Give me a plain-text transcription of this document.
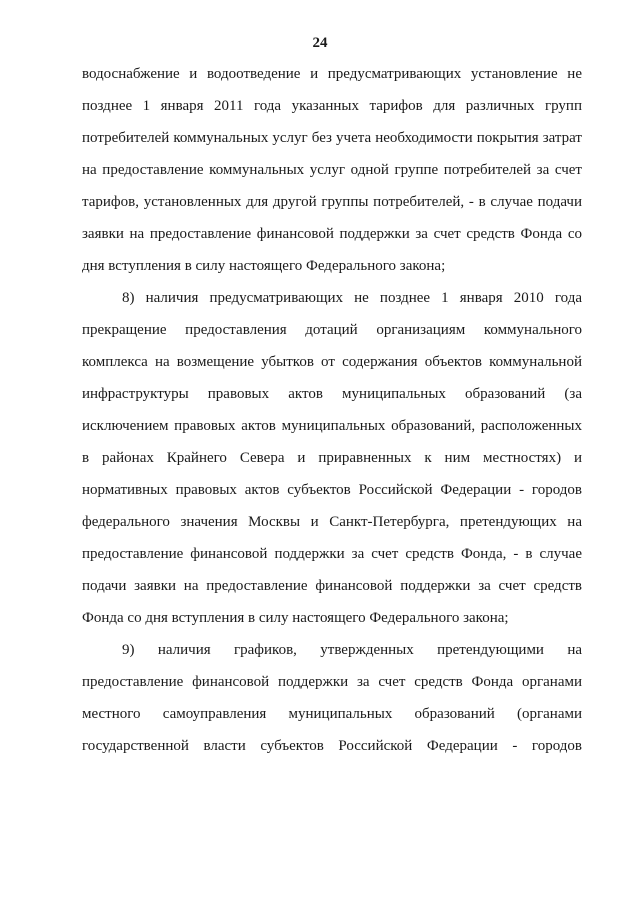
24

водоснабжение и водоотведение и предусматривающих установление не
позднее 1 января 2011 года указанных тарифов для различных групп
потребителей коммунальных услуг без учета необходимости покрытия затрат
на предоставление коммунальных услуг одной группе потребителей за счет
тарифов, установленных для другой группы потребителей, - в случае подачи
заявки на предоставление финансовой поддержки за счет средств Фонда со
дня вступления в силу настоящего Федерального закона;

8) наличия предусматривающих не позднее 1 января 2010 года
прекращение предоставления дотаций организациям коммунального
комплекса на возмещение убытков от содержания объектов коммунальной
инфраструктуры правовых актов муниципальных образований (за
исключением правовых актов муниципальных образований, расположенных
в районах Крайнего Севера и приравненных к ним местностях) и
нормативных правовых актов субъектов Российской Федерации - городов
федерального значения Москвы и Санкт-Петербурга, претендующих на
предоставление финансовой поддержки за счет средств Фонда, - в случае
подачи заявки на предоставление финансовой поддержки за счет средств
Фонда со дня вступления в силу настоящего Федерального закона;

9) наличия графиков, утвержденных претендующими на
предоставление финансовой поддержки за счет средств Фонда органами
местного самоуправления муниципальных образований (органами
государственной власти субъектов Российской Федерации - городов
